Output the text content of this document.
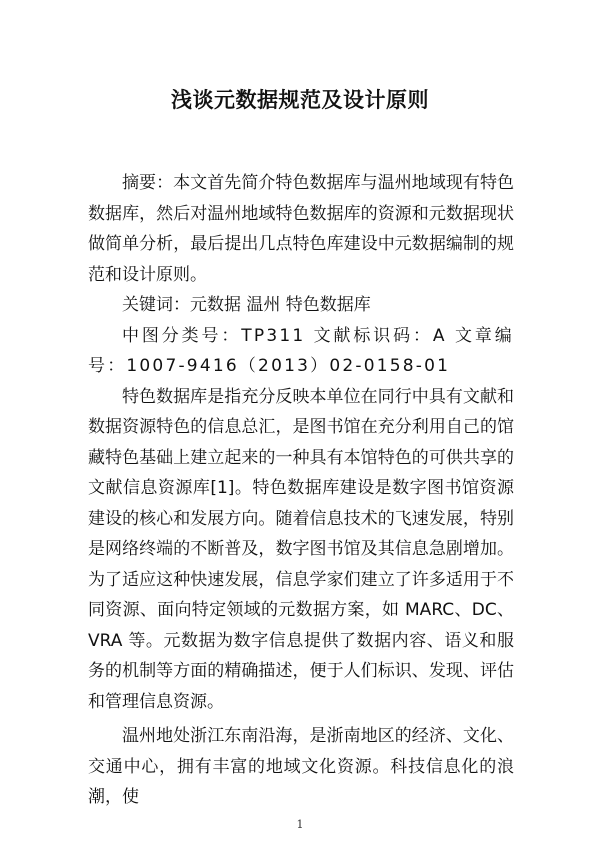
浅谈元数据规范及设计原则

摘要：本文首先简介特色数据库与温州地域现有特色数据库，然后对温州地域特色数据库的资源和元数据现状做简单分析，最后提出几点特色库建设中元数据编制的规范和设计原则。

关键词：元数据 温州 特色数据库

中图分类号：TP311 文献标识码：A 文章编号：1007-9416（2013）02-0158-01

特色数据库是指充分反映本单位在同行中具有文献和数据资源特色的信息总汇，是图书馆在充分利用自己的馆藏特色基础上建立起来的一种具有本馆特色的可供共享的文献信息资源库[1]。特色数据库建设是数字图书馆资源建设的核心和发展方向。随着信息技术的飞速发展，特别是网络终端的不断普及，数字图书馆及其信息急剧增加。为了适应这种快速发展，信息学家们建立了许多适用于不同资源、面向特定领域的元数据方案，如 MARC、DC、VRA 等。元数据为数字信息提供了数据内容、语义和服务的机制等方面的精确描述，便于人们标识、发现、评估和管理信息资源。

温州地处浙江东南沿海，是浙南地区的经济、文化、交通中心，拥有丰富的地域文化资源。科技信息化的浪潮，使

1
